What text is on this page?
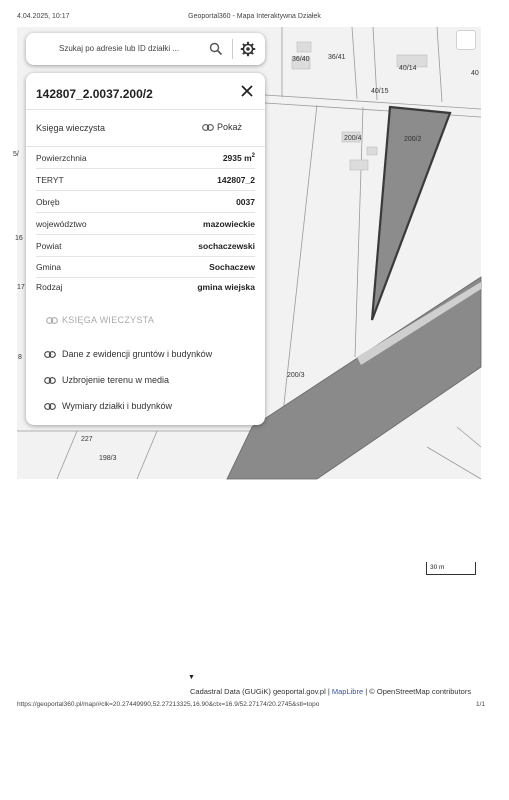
4.04.2025, 10:17	Geoportal360 - Mapa Interaktywna Działek
36/40	36/41
40/14
40
40/15
200/4	200/2
200/3
227
198/3
5/
16
17
8
Szukaj po adresie lub ID działki ...
142807_2.0037.200/2
Księga wieczysta	Pokaż
Powierzchnia	2935 $m^2$
TERYT	142807_2
Obręb	0037
województwo	mazowieckie
Powiat	sochaczewski
Gmina	Sochaczew
Rodzaj	gmina wiejska
KSIĘGA WIECZYSTA
Dane z ewidencji gruntów i budynków
Uzbrojenie terenu w media
Wymiary działki i budynków
30 m
▼
Cadastral Data (GUGiK) geoportal.gov.pl | MapLibre | © OpenStreetMap contributors
https://geoportal360.pl/map/#clk=20.27449990,52.27213325,16.90&ctx=16.9/52.27174/20.2745&stl=topo	1/1
